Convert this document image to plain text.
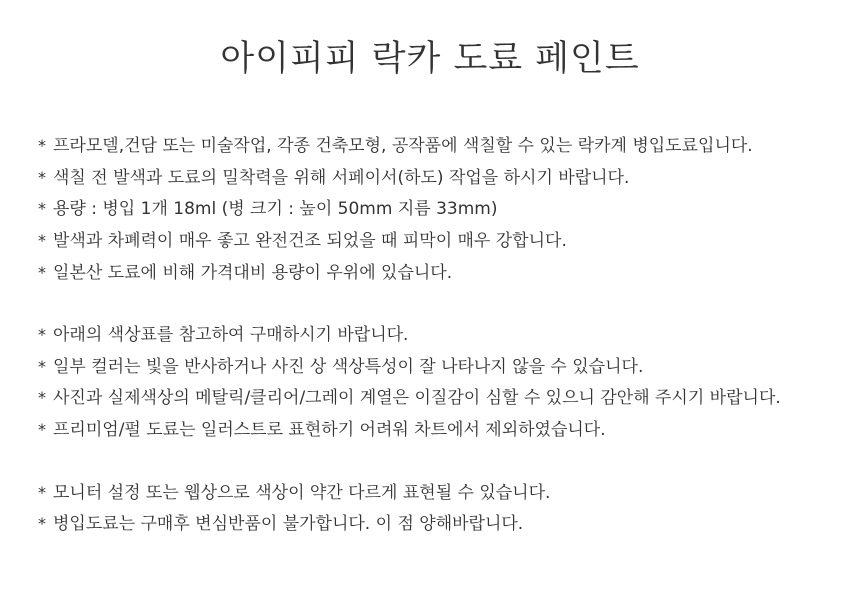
아이피피 락카 도료 페인트
* 프라모델,건담 또는 미술작업, 각종 건축모형, 공작품에 색칠할 수 있는 락카계 병입도료입니다.
* 색칠 전 발색과 도료의 밀착력을 위해 서페이서(하도) 작업을 하시기 바랍니다.
* 용량 : 병입 1개 18ml (병 크기 : 높이 50mm 지름 33mm)
* 발색과 차폐력이 매우 좋고 완전건조 되었을 때 피막이 매우 강합니다.
* 일본산 도료에 비해 가격대비 용량이 우위에 있습니다.
* 아래의 색상표를 참고하여 구매하시기 바랍니다.
* 일부 컬러는 빛을 반사하거나 사진 상 색상특성이 잘 나타나지 않을 수 있습니다.
* 사진과 실제색상의 메탈릭/클리어/그레이 계열은 이질감이 심할 수 있으니 감안해 주시기 바랍니다.
* 프리미엄/펄 도료는 일러스트로 표현하기 어려워 차트에서 제외하였습니다.
* 모니터 설정 또는 웹상으로 색상이 약간 다르게 표현될 수 있습니다.
* 병입도료는 구매후 변심반품이 불가합니다. 이 점 양해바랍니다.
